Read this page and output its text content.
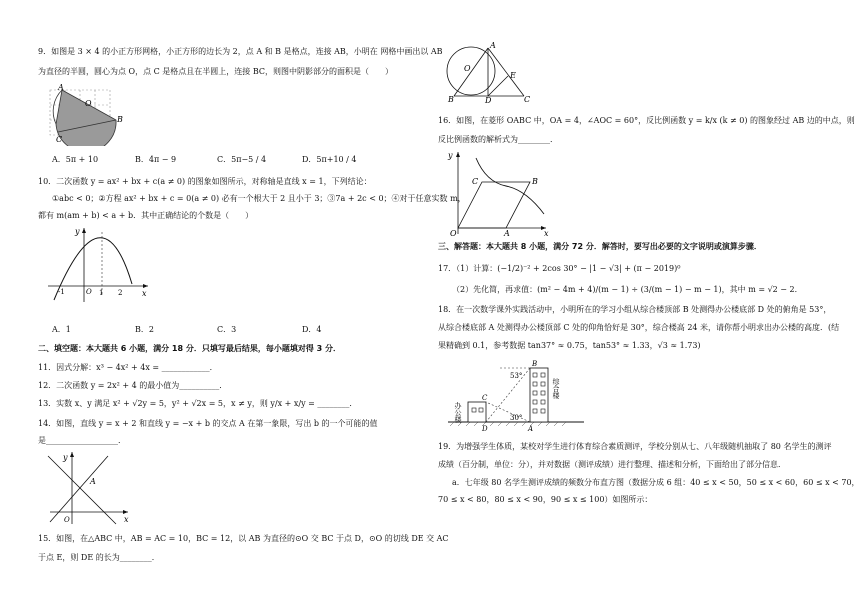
9．如图是 3 × 4 的小正方形网格，小正方形的边长为 2，点 A 和 B 是格点，连接 AB，小明在 网格中画出以 AB
为直径的半圆，圆心为点 O，点 C 是格点且在半圆上，连接 BC，则图中阴影部分的面积是（　　）
A
O
B
C
A．5π + 10	B．4π − 9	C．5π−5 / 4	D．5π+10 / 4
10．二次函数 y = ax² + bx + c(a ≠ 0) 的图象如图所示，对称轴是直线 x = 1，下列结论：
①abc < 0；②方程 ax² + bx + c = 0(a ≠ 0) 必有一个根大于 2 且小于 3；③7a + 2c < 0；④对于任意实数 m，
都有 m(am + b) < a + b．其中正确结论的个数是（　　）
y
O
-1	1 2 x
A．1	B．2	C．3	D．4
二、填空题：本大题共 6 小题，满分 18 分．只填写最后结果，每小题填对得 3 分．
11．因式分解：x³ − 4x² + 4x = ____________．
12．二次函数 y = 2x² + 4 的最小值为__________．
13．实数 x、y 满足 x² + √2y = 5，y² + √2x = 5，x ≠ y，则 y/x + x/y = ________．
14．如图，直线 y = x + 2 和直线 y = −x + b 的交点 A 在第一象限，写出 b 的一个可能的值
是__________________．
y
A
O	x
15．如图，在△ABC 中，AB = AC = 10，BC = 12，以 AB 为直径的⊙O 交 BC 于点 D，⊙O 的切线 DE 交 AC
于点 E，则 DE 的长为________．
A
O
E
B	D	C
16．如图，在菱形 OABC 中，OA = 4，∠AOC = 60°，反比例函数 y = k/x (k ≠ 0) 的图象经过 AB 边的中点，则
反比例函数的解析式为________．
y
C	B
O	A	x
三、解答题：本大题共 8 小题，满分 72 分．解答时，要写出必要的文字说明或演算步骤．
17．（1）计算：(−1/2)⁻² + 2cos 30° − |1 − √3| + (π − 2019)⁰
（2）先化简，再求值：(m² − 4m + 4)/(m − 1) ÷ (3/(m − 1) − m − 1)，其中 m = √2 − 2．
18．在一次数学课外实践活动中，小明所在的学习小组从综合楼顶部 B 处测得办公楼底部 D 处的俯角是 53°，
从综合楼底部 A 处测得办公楼顶部 C 处的仰角恰好是 30°，综合楼高 24 米，请你帮小明求出办公楼的高度．(结
果精确到 0.1，参考数据 tan37° ≈ 0.75，tan53° ≈ 1.33，√3 ≈ 1.73)
B
53°
C
办公楼
综合楼
D
30°
A
19．为增强学生体质，某校对学生进行体育综合素质测评，学校分别从七、八年级随机抽取了 80 名学生的测评
成绩（百分制，单位：分），并对数据（测评成绩）进行整理、描述和分析，下面给出了部分信息．
a．七年级 80 名学生测评成绩的频数分布直方图（数据分成 6 组：40 ≤ x < 50，50 ≤ x < 60，60 ≤ x < 70，
70 ≤ x < 80，80 ≤ x < 90，90 ≤ x ≤ 100）如图所示：
